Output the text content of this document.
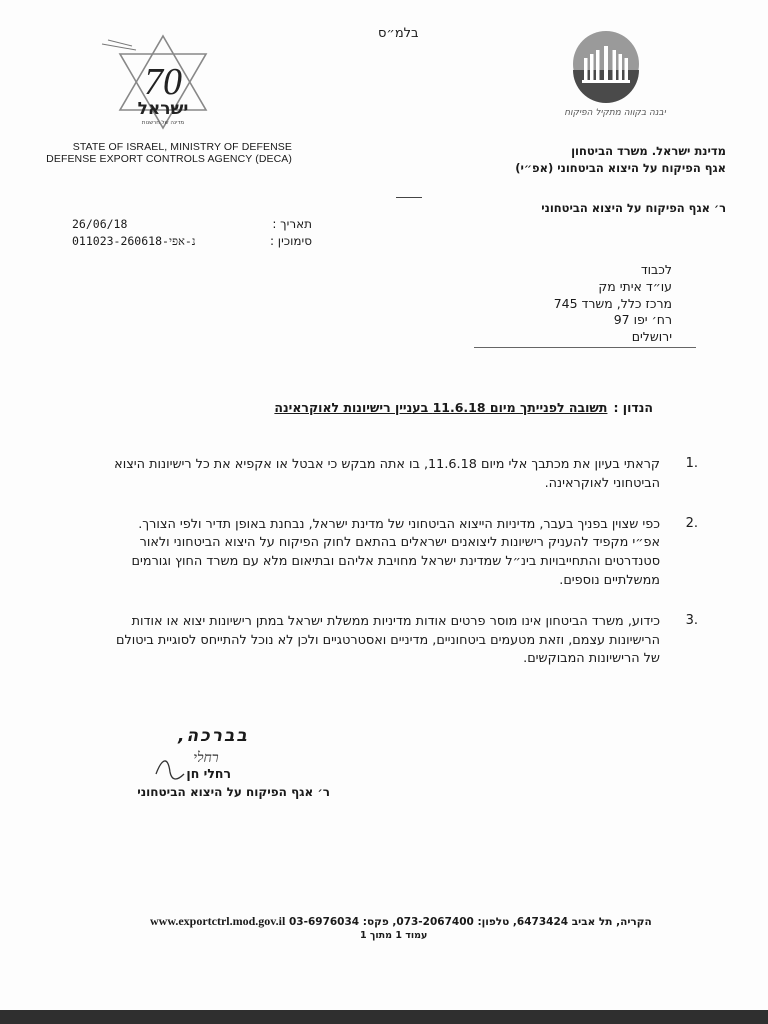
בלמ״ס
70
ישראל
מדינה של חרשנות
יבנה בקווה מתקיל הפיקוח
STATE OF ISRAEL, MINISTRY OF DEFENSE
DEFENSE EXPORT CONTROLS AGENCY (DECA)
מדינת ישראל. משרד הביטחון
אגף הפיקוח על היצוא הביטחוני (אפ״י)
ר׳ אגף הפיקוח על היצוא הביטחוני
26/06/18	תאריך :
011023-260618-נ-אפי	סימוכין :
לכבוד
עו״ד איתי מק
מרכז כלל, משרד 745
רח׳ יפו 97
ירושלים
הנדון :תשובה לפנייתך מיום 11.6.18 בעניין רישיונות לאוקראינה
.1
קראתי בעיון את מכתבך אלי מיום 11.6.18, בו אתה מבקש כי אבטל או אקפיא את כל רישיונות היצוא הביטחוני לאוקראינה.
.2
כפי שצוין בפניך בעבר, מדיניות הייצוא הביטחוני של מדינת ישראל, נבחנת באופן תדיר ולפי הצורך. אפ״י מקפיד להעניק רישיונות ליצואנים ישראלים בהתאם לחוק הפיקוח על היצוא הביטחוני ולאור סטנדרטים והתחייבויות בינ״ל שמדינת ישראל מחויבת אליהם ובתיאום מלא עם משרד החוץ וגורמים ממשלתיים נוספים.
.3
כידוע, משרד הביטחון אינו מוסר פרטים אודות מדיניות ממשלת ישראל במתן רישיונות יצוא או אודות הרישיונות עצמם, וזאת מטעמים ביטחוניים, מדיניים ואסטרטגיים ולכן לא נוכל להתייחס לסוגיית ביטולם של הרישיונות המבוקשים.
בברכה,
רחלי
רחלי חן
ר׳ אגף הפיקוח על היצוא הביטחוני
www.exportctrl.mod.gov.il הקריה, תל אביב 6473424, טלפון: 073-2067400, פקס: 03-6976034
עמוד 1 מתוך 1
